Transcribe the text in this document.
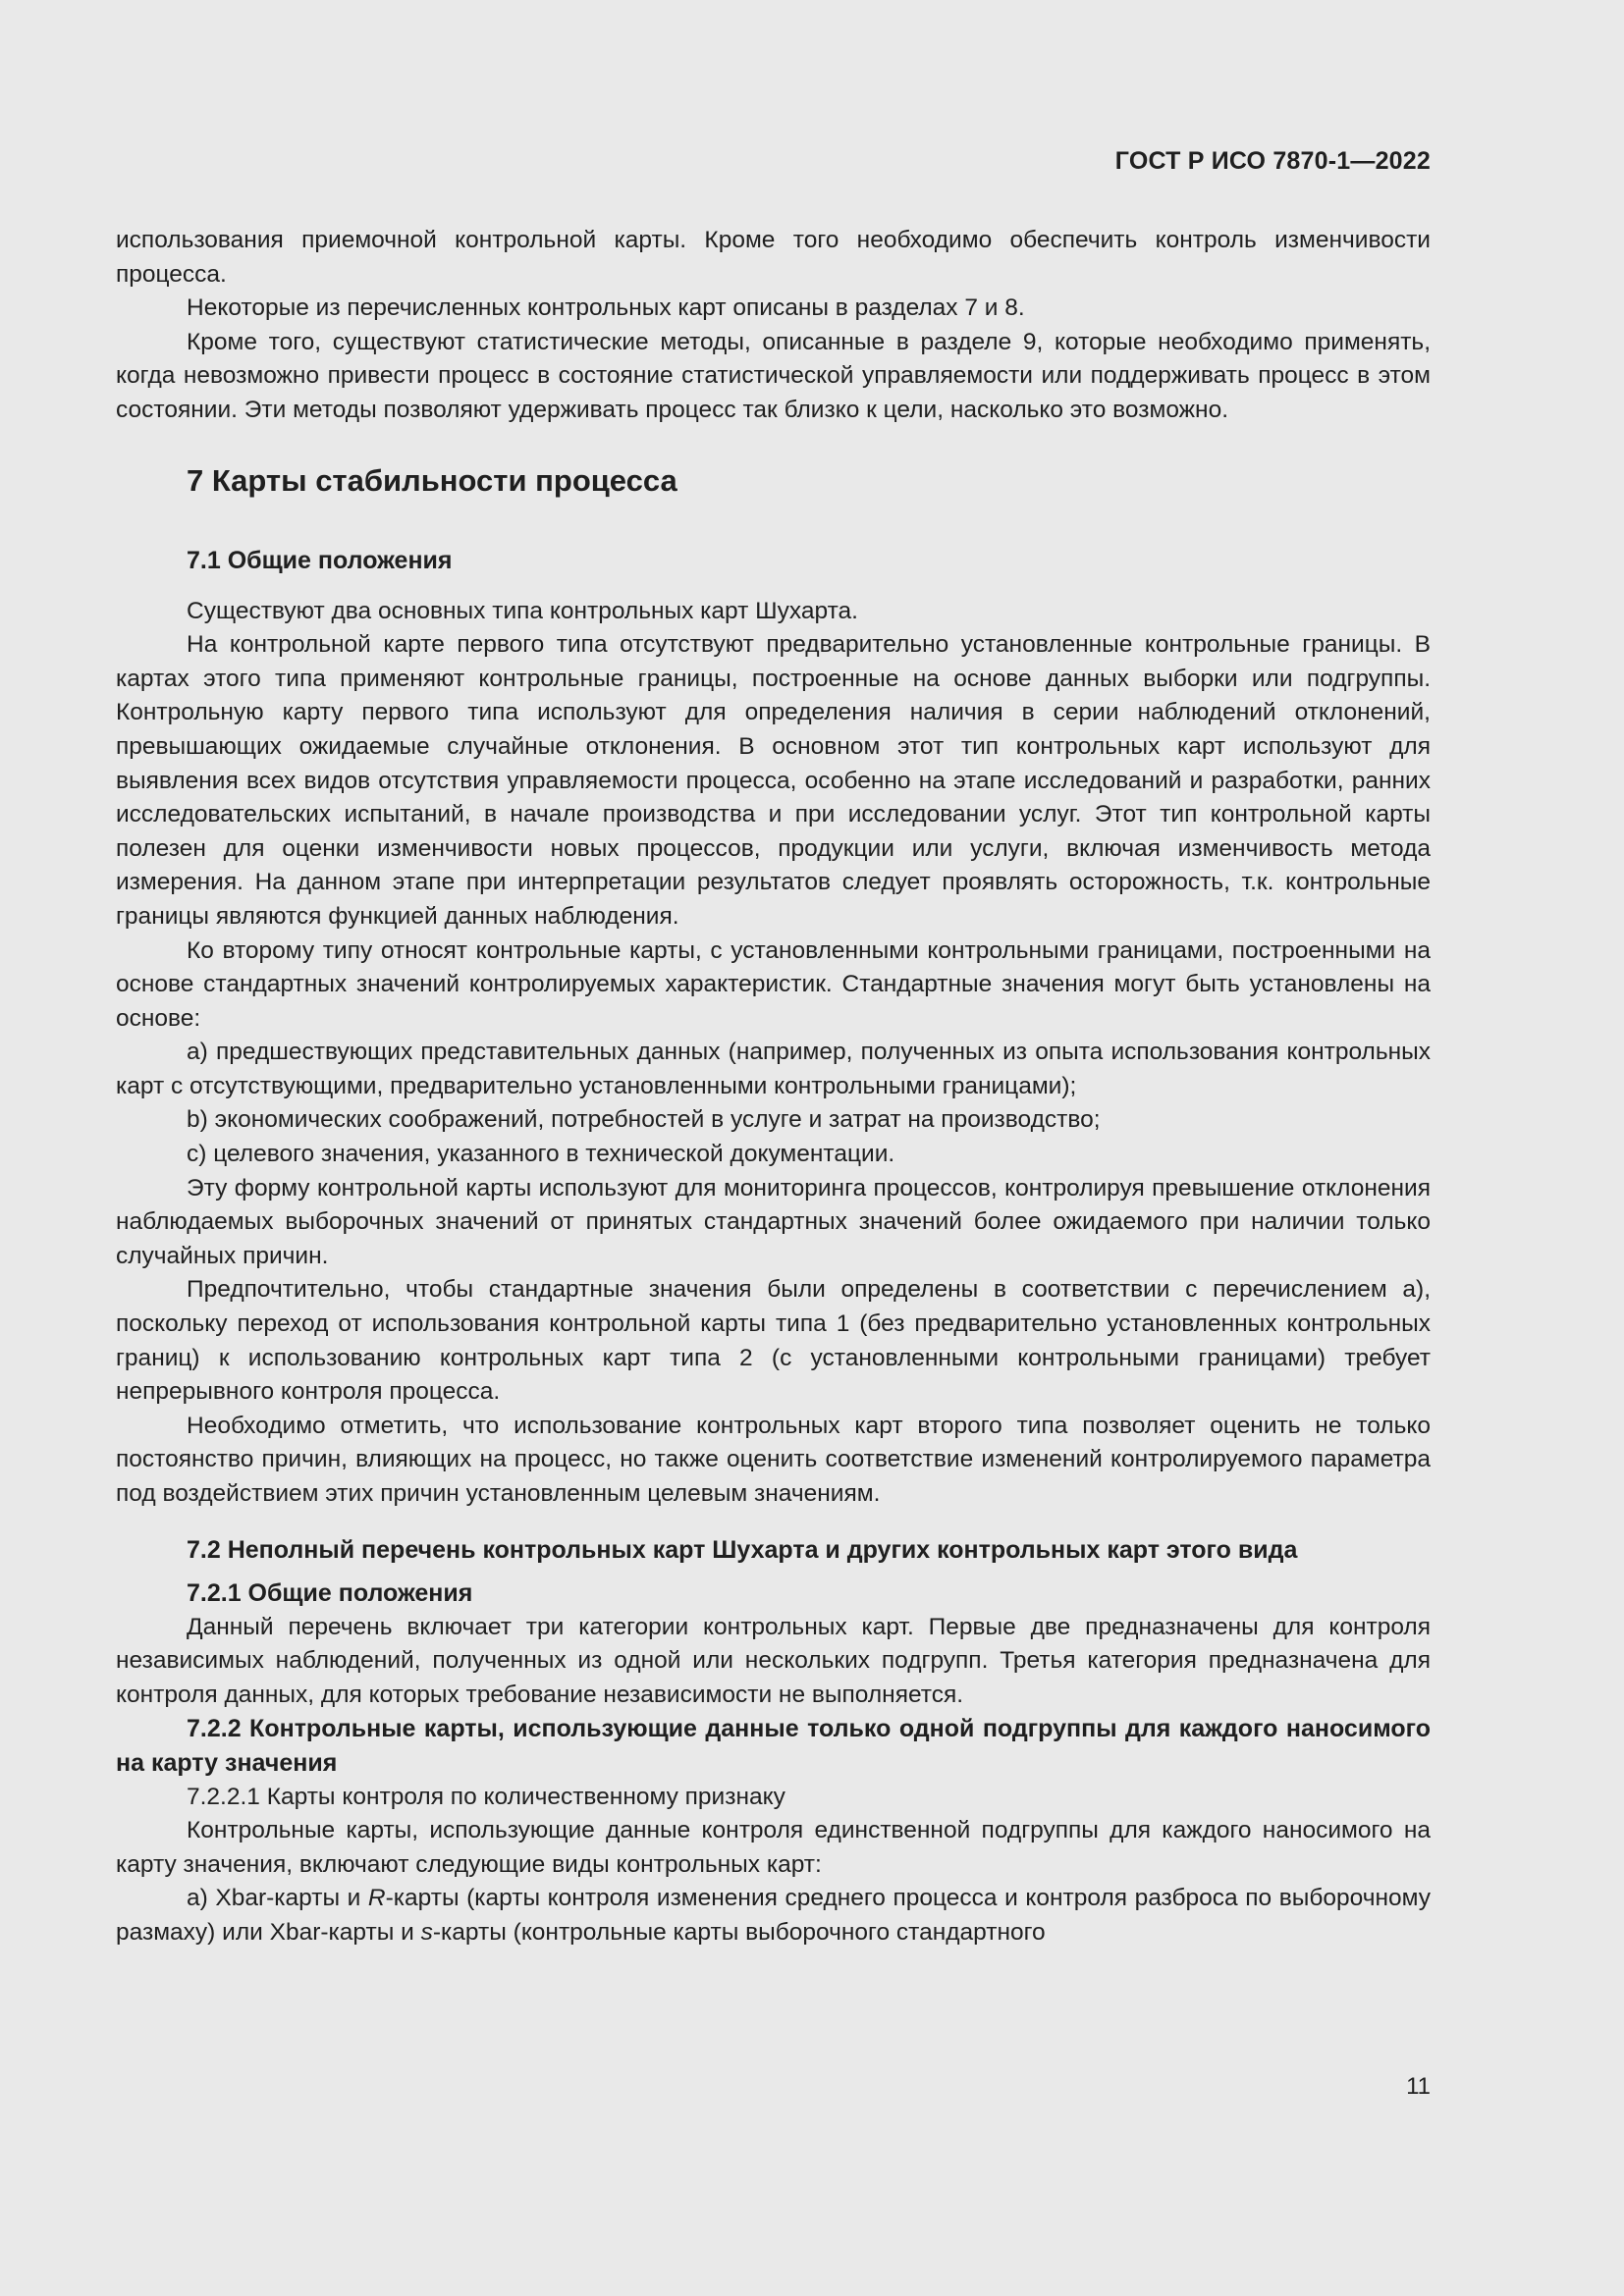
ГОСТ Р ИСО 7870-1—2022

использования приемочной контрольной карты. Кроме того необходимо обеспечить контроль изменчивости процесса.

Некоторые из перечисленных контрольных карт описаны в разделах 7 и 8.

Кроме того, существуют статистические методы, описанные в разделе 9, которые необходимо применять, когда невозможно привести процесс в состояние статистической управляемости или поддерживать процесс в этом состоянии. Эти методы позволяют удерживать процесс так близко к цели, насколько это возможно.

7 Карты стабильности процесса
7.1 Общие положения

Существуют два основных типа контрольных карт Шухарта.

На контрольной карте первого типа отсутствуют предварительно установленные контрольные границы. В картах этого типа применяют контрольные границы, построенные на основе данных выборки или подгруппы. Контрольную карту первого типа используют для определения наличия в серии наблюдений отклонений, превышающих ожидаемые случайные отклонения. В основном этот тип контрольных карт используют для выявления всех видов отсутствия управляемости процесса, особенно на этапе исследований и разработки, ранних исследовательских испытаний, в начале производства и при исследовании услуг. Этот тип контрольной карты полезен для оценки изменчивости новых процессов, продукции или услуги, включая изменчивость метода измерения. На данном этапе при интерпретации результатов следует проявлять осторожность, т.к. контрольные границы являются функцией данных наблюдения.

Ко второму типу относят контрольные карты, с установленными контрольными границами, построенными на основе стандартных значений контролируемых характеристик. Стандартные значения могут быть установлены на основе:

a) предшествующих представительных данных (например, полученных из опыта использования контрольных карт с отсутствующими, предварительно установленными контрольными границами);

b) экономических соображений, потребностей в услуге и затрат на производство;

c) целевого значения, указанного в технической документации.

Эту форму контрольной карты используют для мониторинга процессов, контролируя превышение отклонения наблюдаемых выборочных значений от принятых стандартных значений более ожидаемого при наличии только случайных причин.

Предпочтительно, чтобы стандартные значения были определены в соответствии с перечислением a), поскольку переход от использования контрольной карты типа 1 (без предварительно установленных контрольных границ) к использованию контрольных карт типа 2 (с установленными контрольными границами) требует непрерывного контроля процесса.

Необходимо отметить, что использование контрольных карт второго типа позволяет оценить не только постоянство причин, влияющих на процесс, но также оценить соответствие изменений контролируемого параметра под воздействием этих причин установленным целевым значениям.

7.2 Неполный перечень контрольных карт Шухарта и других контрольных карт этого вида
7.2.1 Общие положения

Данный перечень включает три категории контрольных карт. Первые две предназначены для контроля независимых наблюдений, полученных из одной или нескольких подгрупп. Третья категория предназначена для контроля данных, для которых требование независимости не выполняется.

7.2.2 Контрольные карты, использующие данные только одной подгруппы для каждого наносимого на карту значения

7.2.2.1 Карты контроля по количественному признаку

Контрольные карты, использующие данные контроля единственной подгруппы для каждого наносимого на карту значения, включают следующие виды контрольных карт:

a) Xbar-карты и R-карты (карты контроля изменения среднего процесса и контроля разброса по выборочному размаху) или Xbar-карты и s-карты (контрольные карты выборочного стандартного

11
